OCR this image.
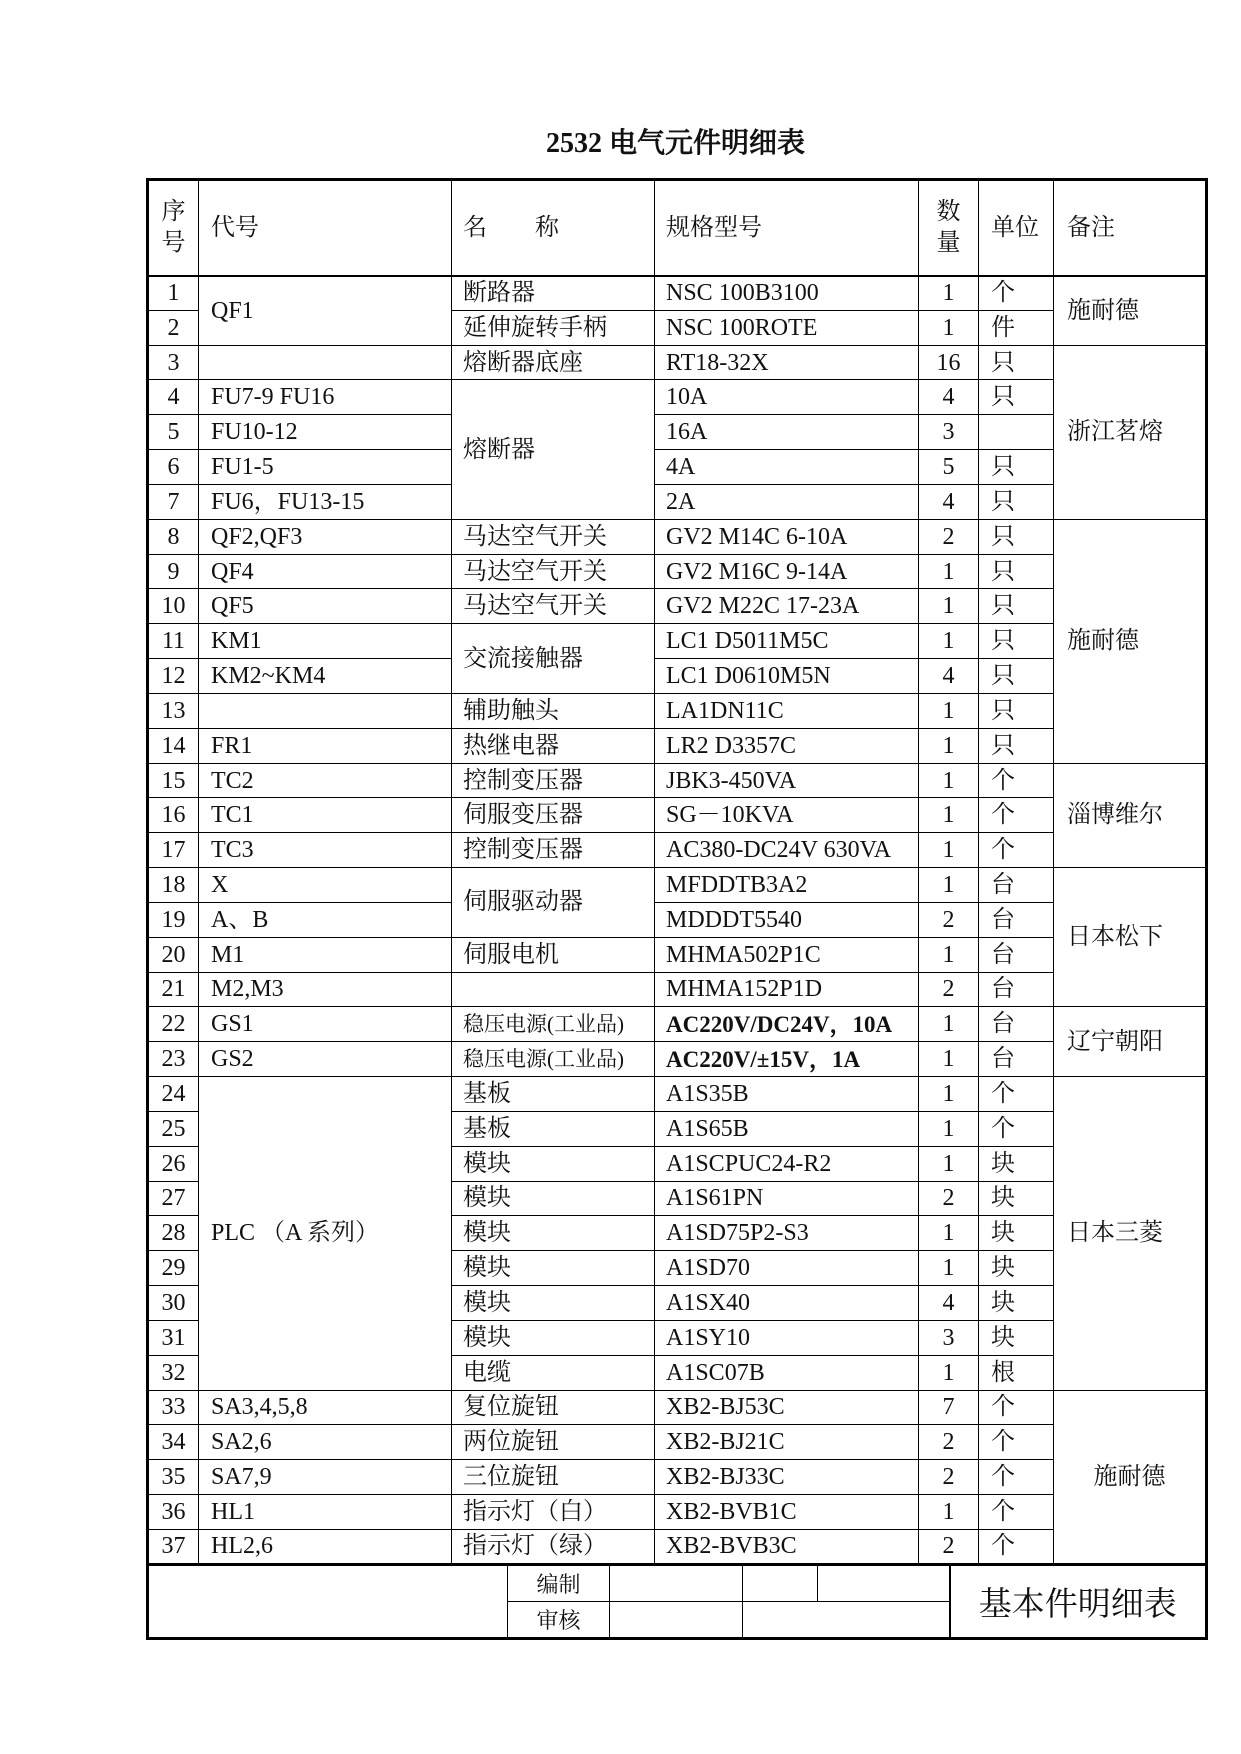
2532 电气元件明细表
序号	代号	名　　称	规格型号	数量	单位	备注
1	QF1	断路器	NSC 100B3100	1	个	施耐德
2		延伸旋转手柄	NSC 100ROTE	1	件	
3		熔断器底座	RT18-32X	16	只	浙江茗熔
4	FU7-9 FU16	熔断器	10A	4	只	
5	FU10-12		16A	3		
6	FU1-5		4A	5	只	
7	FU6，FU13-15		2A	4	只	
8	QF2,QF3	马达空气开关	GV2 M14C 6-10A	2	只	施耐德
9	QF4	马达空气开关	GV2 M16C 9-14A	1	只	
10	QF5	马达空气开关	GV2 M22C 17-23A	1	只	
11	KM1	交流接触器	LC1 D5011M5C	1	只	
12	KM2~KM4		LC1 D0610M5N	4	只	
13		辅助触头	LA1DN11C	1	只	
14	FR1	热继电器	LR2 D3357C	1	只	
15	TC2	控制变压器	JBK3-450VA	1	个	淄博维尔
16	TC1	伺服变压器	SG－10KVA	1	个	
17	TC3	控制变压器	AC380-DC24V 630VA	1	个	
18	X	伺服驱动器	MFDDTB3A2	1	台	日本松下
19	A、B		MDDDT5540	2	台	
20	M1	伺服电机	MHMA502P1C	1	台	
21	M2,M3		MHMA152P1D	2	台	
22	GS1	稳压电源(工业品)	AC220V/DC24V，10A	1	台	辽宁朝阳
23	GS2	稳压电源(工业品)	AC220V/±15V，1A	1	台	
24	PLC （A 系列）	基板	A1S35B	1	个	日本三菱
25		基板	A1S65B	1	个	
26		模块	A1SCPUC24-R2	1	块	
27		模块	A1S61PN	2	块	
28		模块	A1SD75P2-S3	1	块	
29		模块	A1SD70	1	块	
30		模块	A1SX40	4	块	
31		模块	A1SY10	3	块	
32		电缆	A1SC07B	1	根	
33	SA3,4,5,8	复位旋钮	XB2-BJ53C	7	个	施耐德
34	SA2,6	两位旋钮	XB2-BJ21C	2	个	
35	SA7,9	三位旋钮	XB2-BJ33C	2	个	
36	HL1	指示灯（白）	XB2-BVB1C	1	个	
37	HL2,6	指示灯（绿）	XB2-BVB3C	2	个	
	编制				基本件明细表
	审核				
